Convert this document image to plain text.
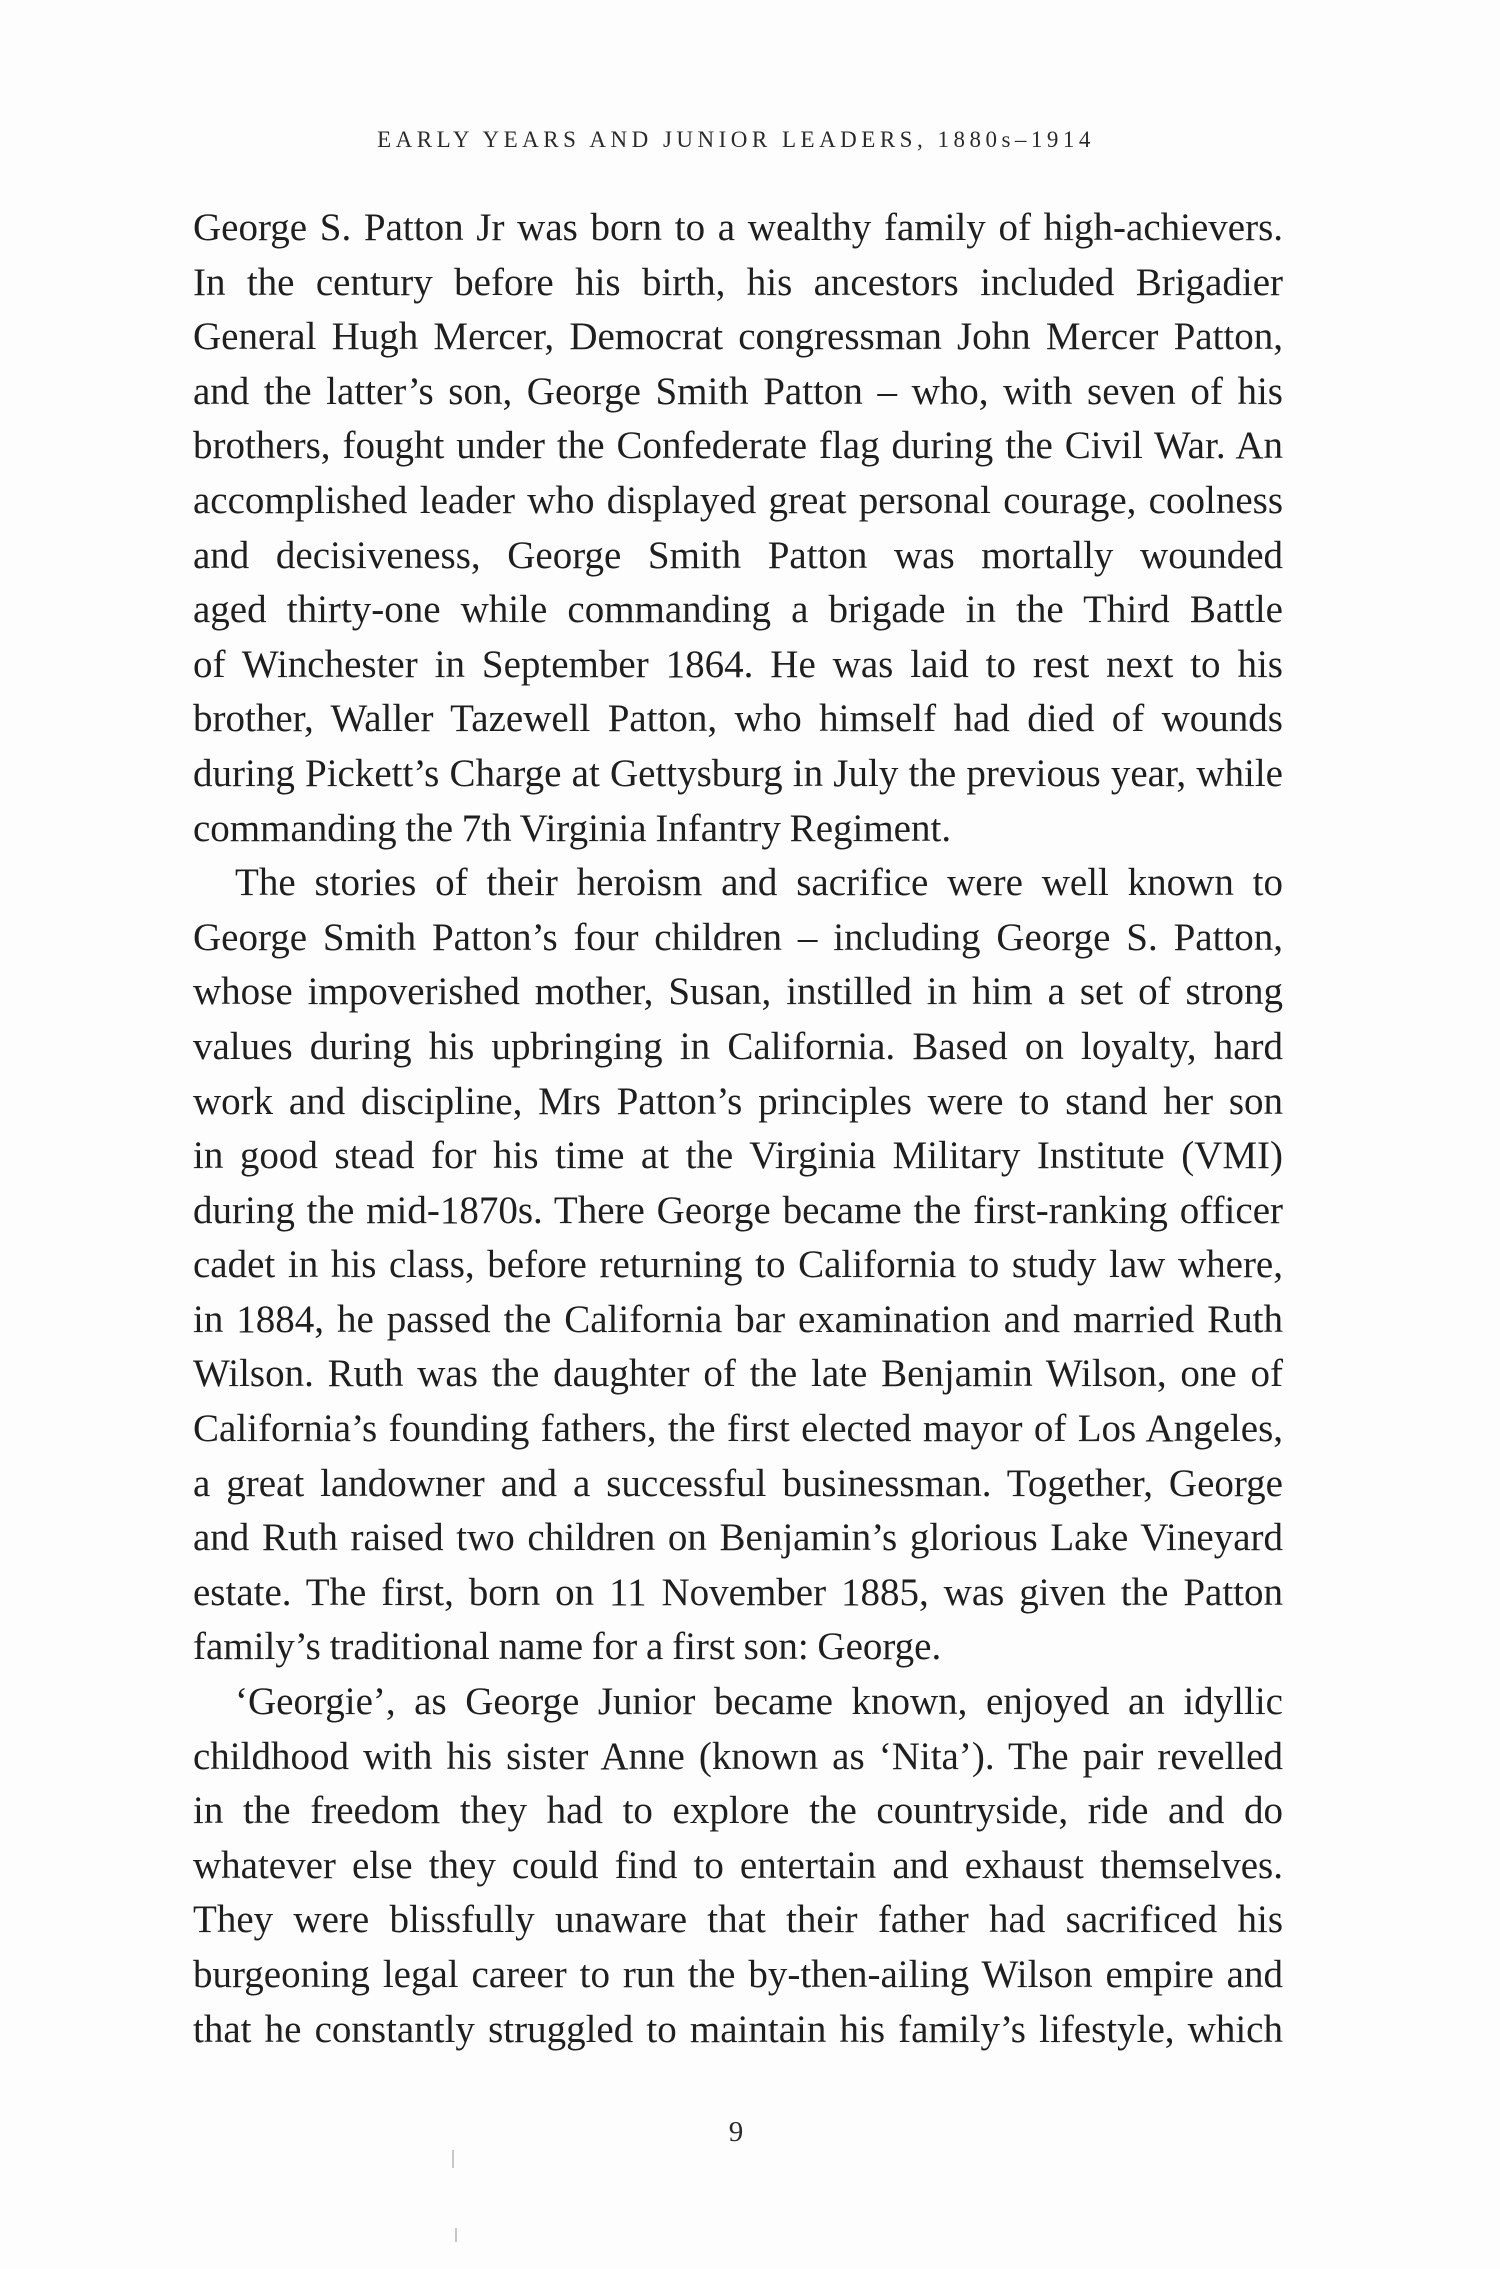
EARLY YEARS AND JUNIOR LEADERS, 1880s–1914
George S. Patton Jr was born to a wealthy family of high-achievers.
In the century before his birth, his ancestors included Brigadier
General Hugh Mercer, Democrat congressman John Mercer Patton,
and the latter’s son, George Smith Patton – who, with seven of his
brothers, fought under the Confederate flag during the Civil War. An
accomplished leader who displayed great personal courage, coolness
and decisiveness, George Smith Patton was mortally wounded
aged thirty-one while commanding a brigade in the Third Battle
of Winchester in September 1864. He was laid to rest next to his
brother, Waller Tazewell Patton, who himself had died of wounds
during Pickett’s Charge at Gettysburg in July the previous year, while
commanding the 7th Virginia Infantry Regiment.
The stories of their heroism and sacrifice were well known to
George Smith Patton’s four children – including George S. Patton,
whose impoverished mother, Susan, instilled in him a set of strong
values during his upbringing in California. Based on loyalty, hard
work and discipline, Mrs Patton’s principles were to stand her son
in good stead for his time at the Virginia Military Institute (VMI)
during the mid-1870s. There George became the first-ranking officer
cadet in his class, before returning to California to study law where,
in 1884, he passed the California bar examination and married Ruth
Wilson. Ruth was the daughter of the late Benjamin Wilson, one of
California’s founding fathers, the first elected mayor of Los Angeles,
a great landowner and a successful businessman. Together, George
and Ruth raised two children on Benjamin’s glorious Lake Vineyard
estate. The first, born on 11 November 1885, was given the Patton
family’s traditional name for a first son: George.
‘Georgie’, as George Junior became known, enjoyed an idyllic
childhood with his sister Anne (known as ‘Nita’). The pair revelled
in the freedom they had to explore the countryside, ride and do
whatever else they could find to entertain and exhaust themselves.
They were blissfully unaware that their father had sacrificed his
burgeoning legal career to run the by-then-ailing Wilson empire and
that he constantly struggled to maintain his family’s lifestyle, which
9
